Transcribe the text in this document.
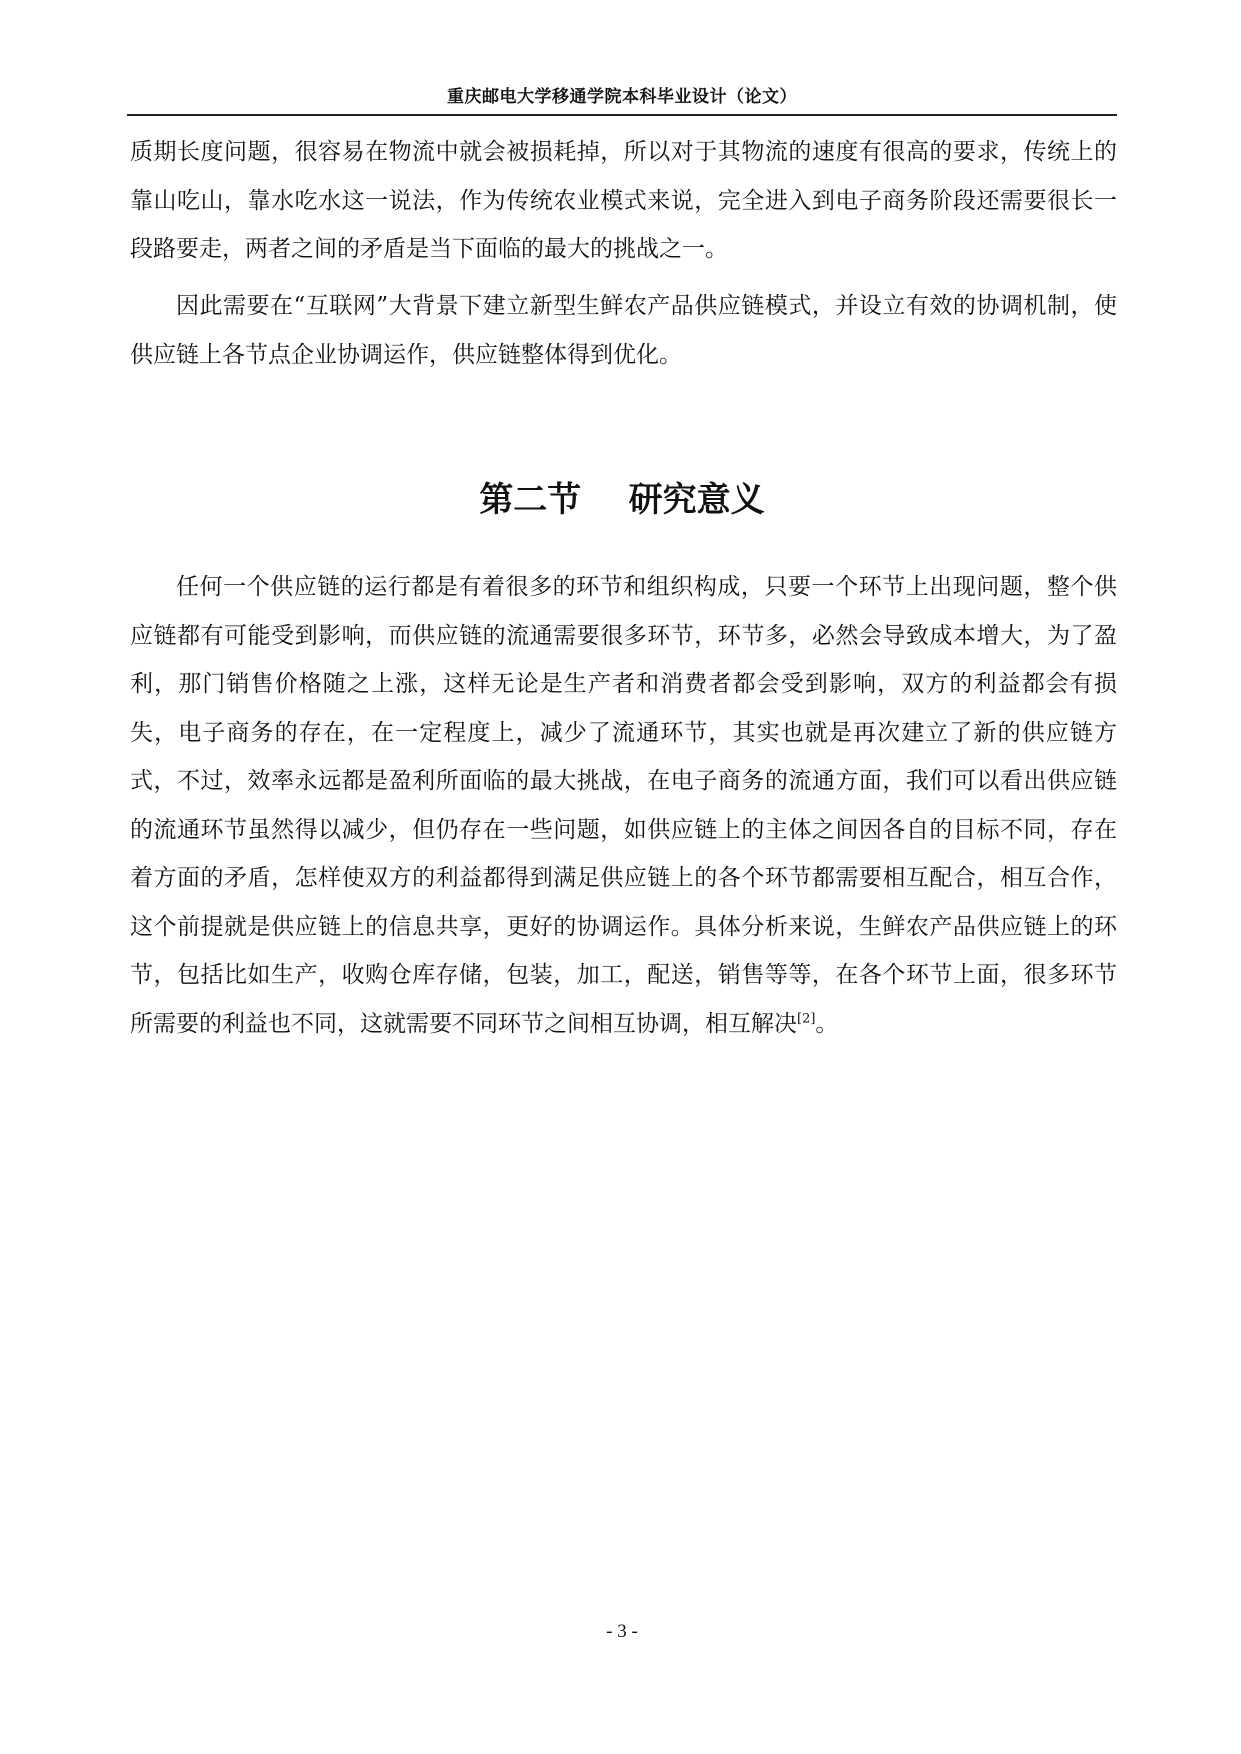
重庆邮电大学移通学院本科毕业设计（论文）

质期长度问题，很容易在物流中就会被损耗掉，所以对于其物流的速度有很高的要求，传统上的靠山吃山，靠水吃水这一说法，作为传统农业模式来说，完全进入到电子商务阶段还需要很长一段路要走，两者之间的矛盾是当下面临的最大的挑战之一。

因此需要在“互联网”大背景下建立新型生鲜农产品供应链模式，并设立有效的协调机制，使供应链上各节点企业协调运作，供应链整体得到优化。

第二节    研究意义

任何一个供应链的运行都是有着很多的环节和组织构成，只要一个环节上出现问题，整个供应链都有可能受到影响，而供应链的流通需要很多环节，环节多，必然会导致成本增大，为了盈利，那门销售价格随之上涨，这样无论是生产者和消费者都会受到影响，双方的利益都会有损失，电子商务的存在，在一定程度上，减少了流通环节，其实也就是再次建立了新的供应链方式，不过，效率永远都是盈利所面临的最大挑战，在电子商务的流通方面，我们可以看出供应链的流通环节虽然得以减少，但仍存在一些问题，如供应链上的主体之间因各自的目标不同，存在着方面的矛盾，怎样使双方的利益都得到满足供应链上的各个环节都需要相互配合，相互合作，这个前提就是供应链上的信息共享，更好的协调运作。具体分析来说，生鲜农产品供应链上的环节，包括比如生产，收购仓库存储，包装，加工，配送，销售等等，在各个环节上面，很多环节所需要的利益也不同，这就需要不同环节之间相互协调，相互解决[2]。

- 3 -
